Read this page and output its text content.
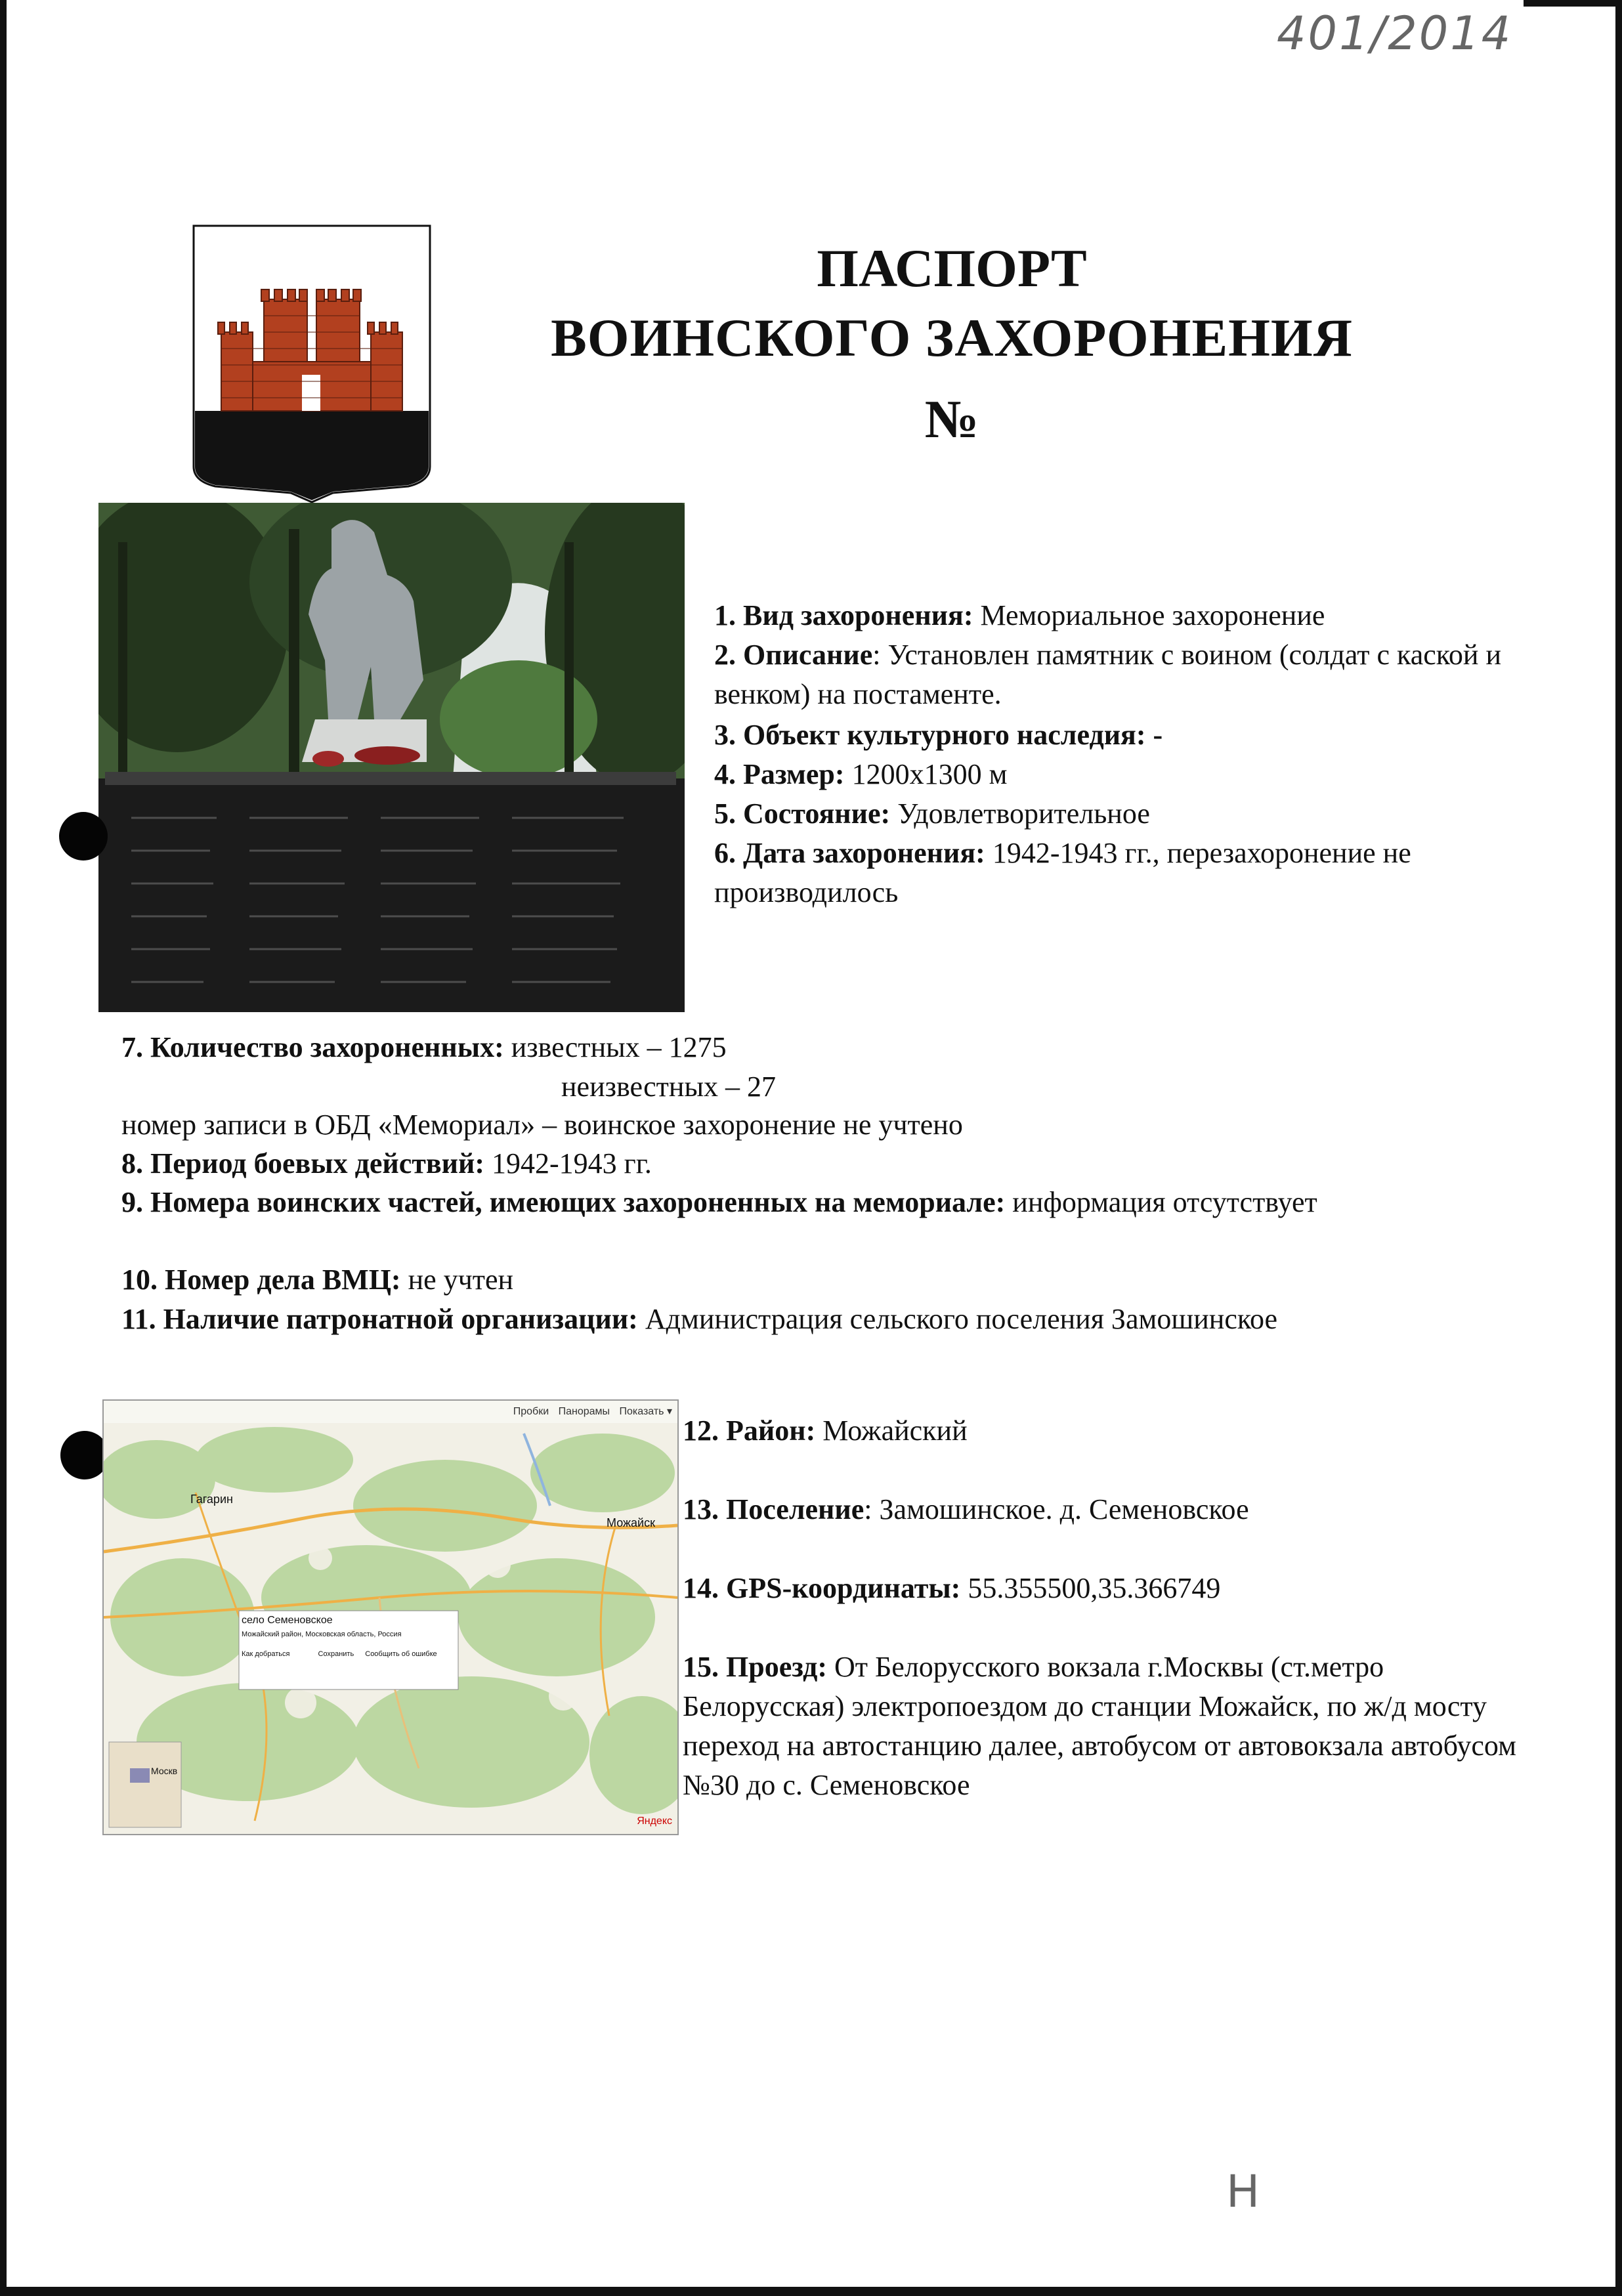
401/2014
Н
ПАСПОРТ
ВОИНСКОГО ЗАХОРОНЕНИЯ
№
1. Вид захоронения: Мемориальное захоронение
2. Описание: Установлен памятник с воином (солдат с каской и венком) на постаменте.
3. Объект культурного наследия: -
4. Размер: 1200x1300 м
5. Состояние: Удовлетворительное
6. Дата захоронения: 1942-1943 гг., перезахоронение не производилось
7. Количество захороненных: известных – 1275
неизвестных – 27
номер записи в ОБД «Мемориал» – воинское захоронение не учтено
8. Период боевых действий: 1942-1943 гг.
9. Номера воинских частей, имеющих захороненных на мемориале: информация отсутствует
10. Номер дела ВМЦ: не учтен
11. Наличие патронатной организации: Администрация сельского поселения Замошинское
Пробки Панорамы Показать ▾
Гагарин
Можайск
Москв
село Семеновское
Можайский район, Московская область, Россия
Как добраться	Сохранить Сообщить об ошибке
Яндекс
12. Район: Можайский
13. Поселение: Замошинское. д. Семеновское
14. GPS-координаты: 55.355500,35.366749
15. Проезд: От Белорусского вокзала г.Москвы (ст.метро Белорусская) электропоездом до станции Можайск, по ж/д мосту переход на автостанцию далее, автобусом от автовокзала автобусом №30 до с. Семеновское
